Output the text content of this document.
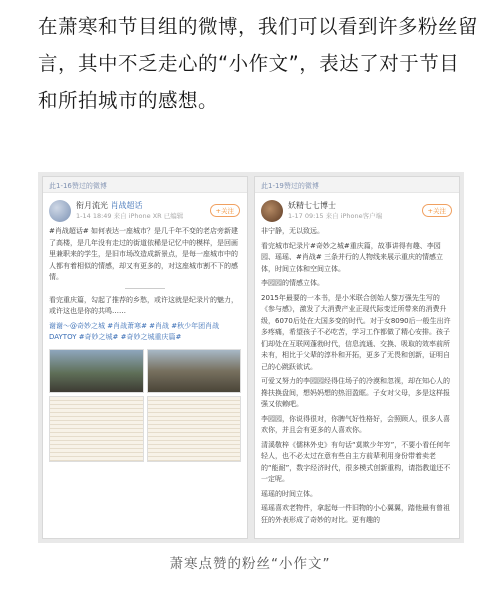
在萧寒和节目组的微博，我们可以看到许多粉丝留言，其中不乏走心的“小作文”，表达了对于节目和所拍城市的感想。
此1-16赞过的微博
衔月流光 肖战超话
1-14 18:49 来自 iPhone XR 已编辑
+关注

#肖战超话# 如何表达一座城市？是几千年不变的老店旁新建了高楼，是几年没有走过的街道依稀是记忆中的模样，是回画里兼职来的学生，是旧市场改造成新景点，是每一座城市中的人都有着相似的情感，却又有更多的，对这座城市割不下的感情。

看完重庆篇，勾起了推荐的乡愁，或许这就是纪录片的魅力，或许这也是你的共鸣……

谢谢～@奇妙之城 #肖战萧寒# #肖战 #秋少年团肖战 DAYTOY #奇妙之城# #奇妙之城重庆篇#

此1-19赞过的微博
妖精七七博士
1-17 09:15 来自 iPhone客户端
+关注

非宁静，无以致远。

看完城市纪录片#奇妙之城#重庆篇，故事讲得有趣、李园园、瑶瑶、#肖战# 三条并行的人物线来展示重庆的情感立体，时间立体和空间立体。

李园园的情感立体。

2015年最要的一本书，是小米联合创始人黎万强先生写的《参与感》，激发了大消费产业正现代际变迁所带来的消费升级，6070后处在大国多变的时代。对于女8090后一般生出许多疼痛，希望孩子不必吃苦，学习工作都做了精心安排。孩子们却处在互联网蓬勃时代，信息流通、交换、吸取的效率前所未有，相比于父辈的淳朴和开拓，更多了无畏和创新，证明自己的心跳跃欲试。

可爱又努力的李园园经得住场子的冷漠和忽视，却在知心人的搀扶换盘间，想妈妈想的热泪盈眶。子女对父母，多是这样报强又依赖吧。

李园园，你说得很对，你脾气好性格好，会照顾人，很多人喜欢你，并且会有更多的人喜欢你。

清溪敬梓《儒林外史》有句话“莫欺少年穷”，不要小看任何年轻人，也不必太过在意有些自主方前辈利用身份带着卖老的“能耐”，数字经济时代，很多模式创新重构，请指教道还不一定呢。

瑶瑶的时间立体。

瑶瑶喜欢老物件，拿起每一件旧物的小心翼翼，踏他最有曾祖狂的外表形成了奇妙的对比。更有趣的

萧寒点赞的粉丝“小作文”
